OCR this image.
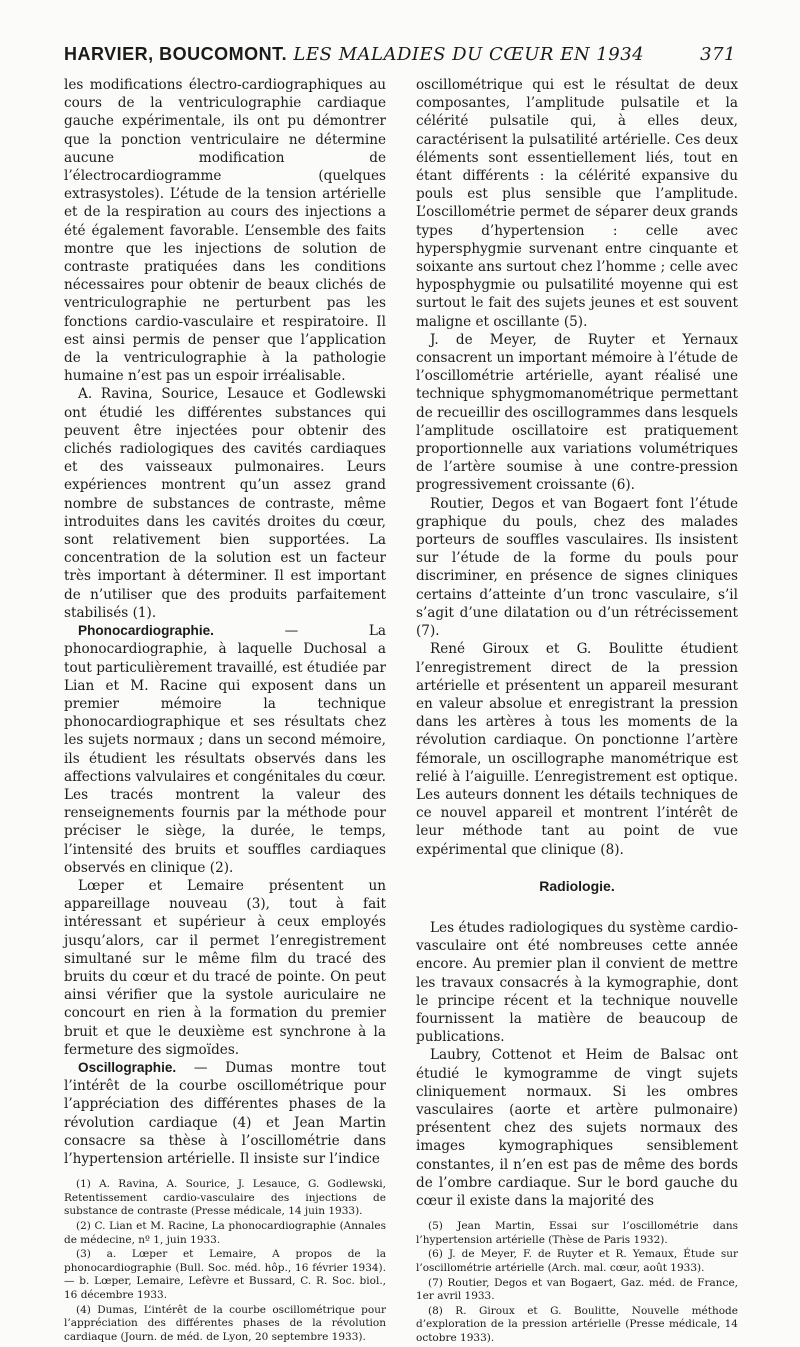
HARVIER, BOUCOMONT. LES MALADIES DU CŒUR EN 1934	371

les modifications électro-cardiographiques au cours de la ventriculographie cardiaque gauche expérimentale, ils ont pu démontrer que la ponction ventriculaire ne détermine aucune modification de l’électrocardiogramme (quelques extrasystoles). L’étude de la tension artérielle et de la respiration au cours des injections a été également favorable. L’ensemble des faits montre que les injections de solution de contraste pratiquées dans les conditions nécessaires pour obtenir de beaux clichés de ventriculographie ne perturbent pas les fonctions cardio-vasculaire et respiratoire. Il est ainsi permis de penser que l’application de la ventriculographie à la pathologie humaine n’est pas un espoir irréalisable.

A. Ravina, Sourice, Lesauce et Godlewski ont étudié les différentes substances qui peuvent être injectées pour obtenir des clichés radiologiques des cavités cardiaques et des vaisseaux pulmonaires. Leurs expériences montrent qu’un assez grand nombre de substances de contraste, même introduites dans les cavités droites du cœur, sont relativement bien supportées. La concentration de la solution est un facteur très important à déterminer. Il est important de n’utiliser que des produits parfaitement stabilisés (1).

Phonocardiographie. — La phonocardiographie, à laquelle Duchosal a tout particulièrement travaillé, est étudiée par Lian et M. Racine qui exposent dans un premier mémoire la technique phonocardiographique et ses résultats chez les sujets normaux ; dans un second mémoire, ils étudient les résultats observés dans les affections valvulaires et congénitales du cœur. Les tracés montrent la valeur des renseignements fournis par la méthode pour préciser le siège, la durée, le temps, l’intensité des bruits et souffles cardiaques observés en clinique (2).

Lœper et Lemaire présentent un appareillage nouveau (3), tout à fait intéressant et supérieur à ceux employés jusqu’alors, car il permet l’enregistrement simultané sur le même film du tracé des bruits du cœur et du tracé de pointe. On peut ainsi vérifier que la systole auriculaire ne concourt en rien à la formation du premier bruit et que le deuxième est synchrone à la fermeture des sigmoïdes.

Oscillographie. — Dumas montre tout l’intérêt de la courbe oscillométrique pour l’appréciation des différentes phases de la révolution cardiaque (4) et Jean Martin consacre sa thèse à l’oscillométrie dans l’hypertension artérielle. Il insiste sur l’indice

(1) A. Ravina, A. Sourice, J. Lesauce, G. Godlewski, Retentissement cardio-vasculaire des injections de substance de contraste (Presse médicale, 14 juin 1933).

(2) C. Lian et M. Racine, La phonocardiographie (Annales de médecine, nº 1, juin 1933.

(3) a. Lœper et Lemaire, A propos de la phonocardiographie (Bull. Soc. méd. hôp., 16 février 1934). — b. Lœper, Lemaire, Lefèvre et Bussard, C. R. Soc. biol., 16 décembre 1933.

(4) Dumas, L’intérêt de la courbe oscillométrique pour l’appréciation des différentes phases de la révolution cardiaque (Journ. de méd. de Lyon, 20 septembre 1933).

oscillométrique qui est le résultat de deux composantes, l’amplitude pulsatile et la célérité pulsatile qui, à elles deux, caractérisent la pulsatilité artérielle. Ces deux éléments sont essentiellement liés, tout en étant différents : la célérité expansive du pouls est plus sensible que l’amplitude. L’oscillométrie permet de séparer deux grands types d’hypertension : celle avec hypersphygmie survenant entre cinquante et soixante ans surtout chez l’homme ; celle avec hyposphygmie ou pulsatilité moyenne qui est surtout le fait des sujets jeunes et est souvent maligne et oscillante (5).

J. de Meyer, de Ruyter et Yernaux consacrent un important mémoire à l’étude de l’oscillométrie artérielle, ayant réalisé une technique sphygmomanométrique permettant de recueillir des oscillogrammes dans lesquels l’amplitude oscillatoire est pratiquement proportionnelle aux variations volumétriques de l’artère soumise à une contre-pression progressivement croissante (6).

Routier, Degos et van Bogaert font l’étude graphique du pouls, chez des malades porteurs de souffles vasculaires. Ils insistent sur l’étude de la forme du pouls pour discriminer, en présence de signes cliniques certains d’atteinte d’un tronc vasculaire, s’il s’agit d’une dilatation ou d’un rétrécissement (7).

René Giroux et G. Boulitte étudient l’enregistrement direct de la pression artérielle et présentent un appareil mesurant en valeur absolue et enregistrant la pression dans les artères à tous les moments de la révolution cardiaque. On ponctionne l’artère fémorale, un oscillographe manométrique est relié à l’aiguille. L’enregistrement est optique. Les auteurs donnent les détails techniques de ce nouvel appareil et montrent l’intérêt de leur méthode tant au point de vue expérimental que clinique (8).

Radiologie.

Les études radiologiques du système cardio-vasculaire ont été nombreuses cette année encore. Au premier plan il convient de mettre les travaux consacrés à la kymographie, dont le principe récent et la technique nouvelle fournissent la matière de beaucoup de publications.

Laubry, Cottenot et Heim de Balsac ont étudié le kymogramme de vingt sujets cliniquement normaux. Si les ombres vasculaires (aorte et artère pulmonaire) présentent chez des sujets normaux des images kymographiques sensiblement constantes, il n’en est pas de même des bords de l’ombre cardiaque. Sur le bord gauche du cœur il existe dans la majorité des

(5) Jean Martin, Essai sur l’oscillométrie dans l’hypertension artérielle (Thèse de Paris 1932).

(6) J. de Meyer, F. de Ruyter et R. Yemaux, Étude sur l’oscillométrie artérielle (Arch. mal. cœur, août 1933).

(7) Routier, Degos et van Bogaert, Gaz. méd. de France, 1er avril 1933.

(8) R. Giroux et G. Boulitte, Nouvelle méthode d’exploration de la pression artérielle (Presse médicale, 14 octobre 1933).
